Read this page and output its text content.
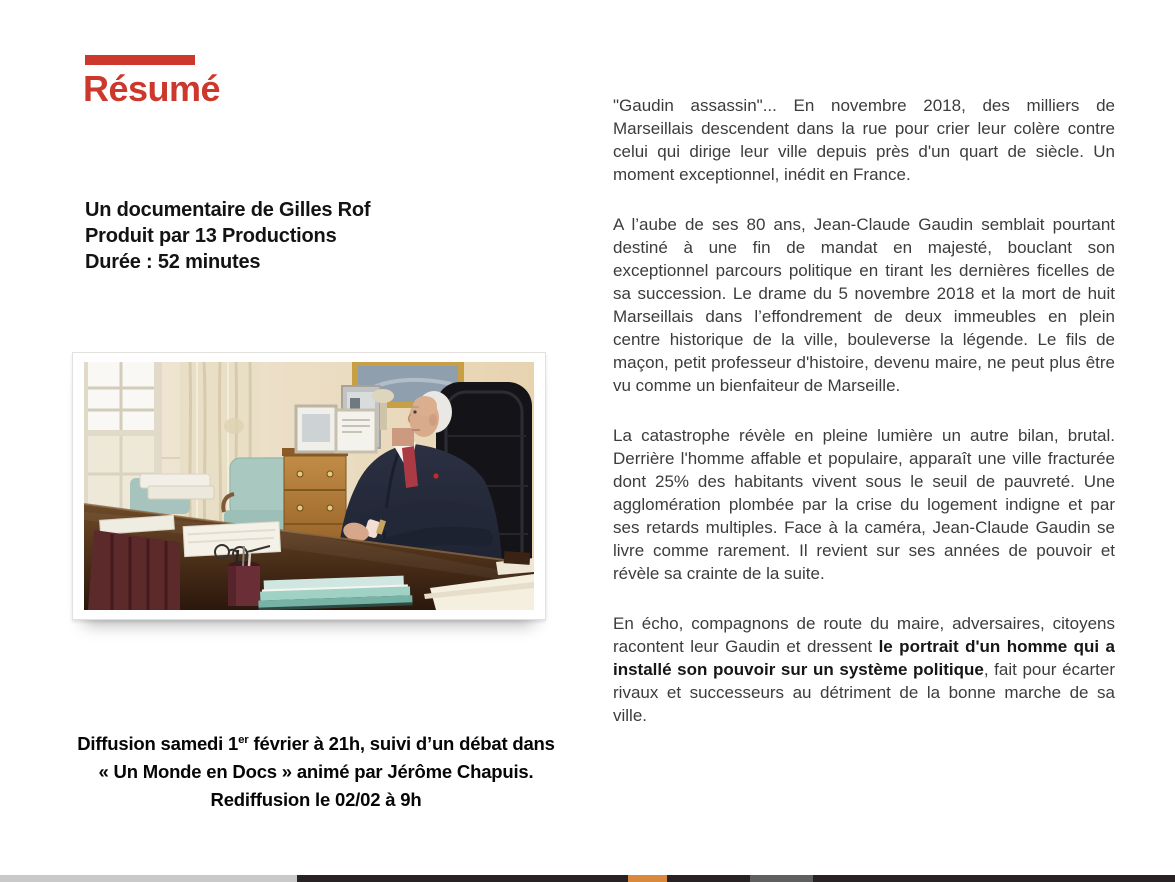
Résumé
Un documentaire de Gilles Rof
Produit par 13 Productions
Durée : 52 minutes
Diffusion samedi 1er février à 21h, suivi d’un débat dans
« Un Monde en Docs » animé par Jérôme Chapuis.
Rediffusion le 02/02 à 9h

"Gaudin assassin"... En novembre 2018, des milliers de Marseillais descendent dans la rue pour crier leur colère contre celui qui dirige leur ville depuis près d'un quart de siècle. Un moment exceptionnel, inédit en France.

A l’aube de ses 80 ans, Jean-Claude Gaudin semblait pourtant destiné à une fin de mandat en majesté, bouclant son exceptionnel parcours politique en tirant les dernières ficelles de sa succession. Le drame du 5 novembre 2018 et la mort de huit Marseillais dans l’effondrement de deux immeubles en plein centre historique de la ville, bouleverse la légende. Le fils de maçon, petit professeur d'histoire, devenu maire, ne peut plus être vu comme un bienfaiteur de Marseille.

La catastrophe révèle en pleine lumière un autre bilan, brutal. Derrière l'homme affable et populaire, apparaît une ville fracturée dont 25% des habitants vivent sous le seuil de pauvreté. Une agglomération plombée par la crise du logement indigne et par ses retards multiples. Face à la caméra, Jean-Claude Gaudin se livre comme rarement. Il revient sur ses années de pouvoir et révèle sa crainte de la suite.

En écho, compagnons de route du maire, adversaires, citoyens racontent leur Gaudin et dressent le portrait d'un homme qui a installé son pouvoir sur un système politique, fait pour écarter rivaux et successeurs au détriment de la bonne marche de sa ville.
